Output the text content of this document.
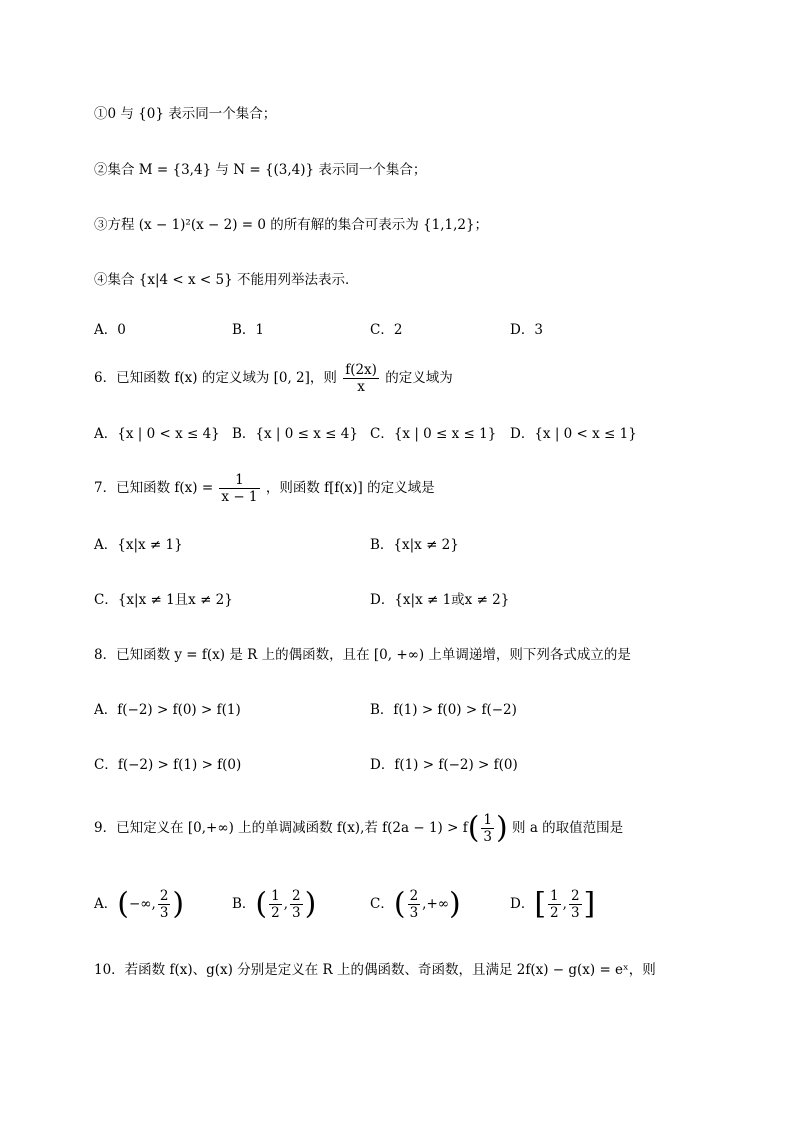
①0 与 {0} 表示同一个集合；
②集合 M = {3,4} 与 N = {(3,4)} 表示同一个集合；
③方程 (x − 1)²(x − 2) = 0 的所有解的集合可表示为 {1,1,2}；
④集合 {x|4 < x < 5} 不能用列举法表示．
A．0	B．1	C．2	D．3
6．已知函数 f(x) 的定义域为 [0, 2]，则 $\frac{f(2x)}{x}$ 的定义域为
A．{x | 0 < x ≤ 4} B．{x | 0 ≤ x ≤ 4} C．{x | 0 ≤ x ≤ 1} D．{x | 0 < x ≤ 1}
7．已知函数 $f(x) = \frac{1}{x - 1}$ ，则函数 f[f(x)] 的定义域是
A．{x|x ≠ 1}	B．{x|x ≠ 2}
C．{x|x ≠ 1且x ≠ 2}	D．{x|x ≠ 1或x ≠ 2}
8．已知函数 y = f(x) 是 R 上的偶函数，且在 [0, +∞) 上单调递增，则下列各式成立的是
A．f(−2) > f(0) > f(1)	B．f(1) > f(0) > f(−2)
C．f(−2) > f(1) > f(0)	D．f(1) > f(−2) > f(0)
9．已知定义在 [0,+∞) 上的单调减函数 f(x),若 $f(2a - 1) > f( \frac{1}{3}$ ) 则 a 的取值范围是
A．(−∞, $\frac{2}{3}$ )	B．( $\frac{1}{2}$ , $\frac{2}{3}$ )	C．( $\frac{2}{3}$ ,+∞)	D．[ $\frac{1}{2}$ , $\frac{2}{3}$ ]
10．若函数 f(x)、g(x) 分别是定义在 R 上的偶函数、奇函数，且满足 2f(x) − g(x) = eˣ，则
